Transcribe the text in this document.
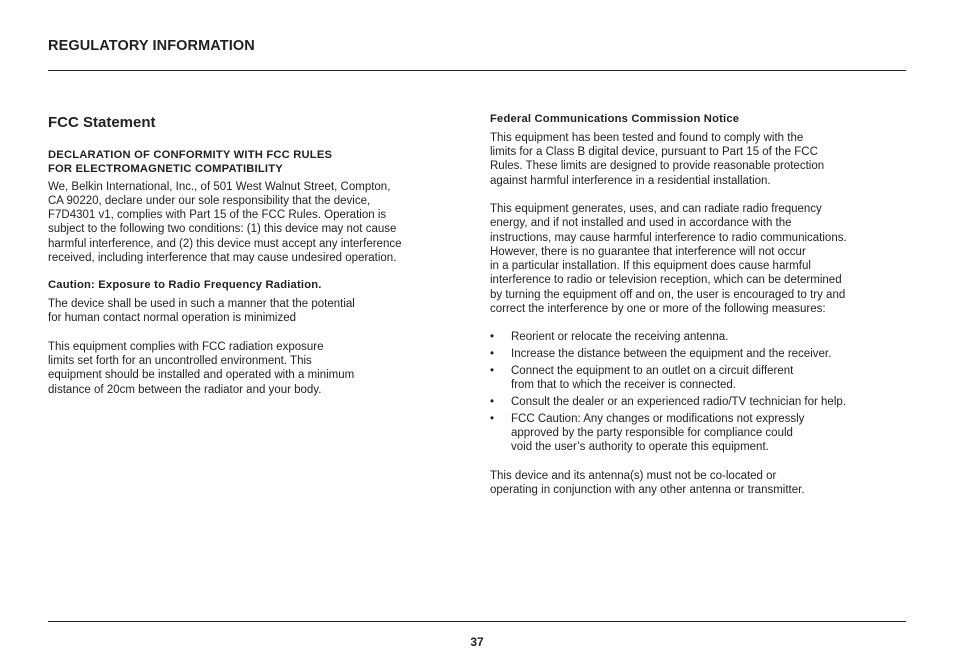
REGULATORY INFORMATION
FCC Statement
DECLARATION OF CONFORMITY WITH FCC RULES
FOR ELECTROMAGNETIC COMPATIBILITY

We, Belkin International, Inc., of 501 West Walnut Street, Compton,
CA 90220, declare under our sole responsibility that the device,
F7D4301 v1, complies with Part 15 of the FCC Rules. Operation is
subject to the following two conditions: (1) this device may not cause
harmful interference, and (2) this device must accept any interference
received, including interference that may cause undesired operation.

Caution: Exposure to Radio Frequency Radiation.

The device shall be used in such a manner that the potential
for human contact normal operation is minimized

This equipment complies with FCC radiation exposure
limits set forth for an uncontrolled environment. This
equipment should be installed and operated with a minimum
distance of 20cm between the radiator and your body.

Federal Communications Commission Notice

This equipment has been tested and found to comply with the
limits for a Class B digital device, pursuant to Part 15 of the FCC
Rules. These limits are designed to provide reasonable protection
against harmful interference in a residential installation.

This equipment generates, uses, and can radiate radio frequency
energy, and if not installed and used in accordance with the
instructions, may cause harmful interference to radio communications.
However, there is no guarantee that interference will not occur
in a particular installation. If this equipment does cause harmful
interference to radio or television reception, which can be determined
by turning the equipment off and on, the user is encouraged to try and
correct the interference by one or more of the following measures:

• Reorient or relocate the receiving antenna.
• Increase the distance between the equipment and the receiver.
• Connect the equipment to an outlet on a circuit different
from that to which the receiver is connected.
• Consult the dealer or an experienced radio/TV technician for help.
• FCC Caution: Any changes or modifications not expressly
approved by the party responsible for compliance could
void the user’s authority to operate this equipment.

This device and its antenna(s) must not be co-located or
operating in conjunction with any other antenna or transmitter.

37
